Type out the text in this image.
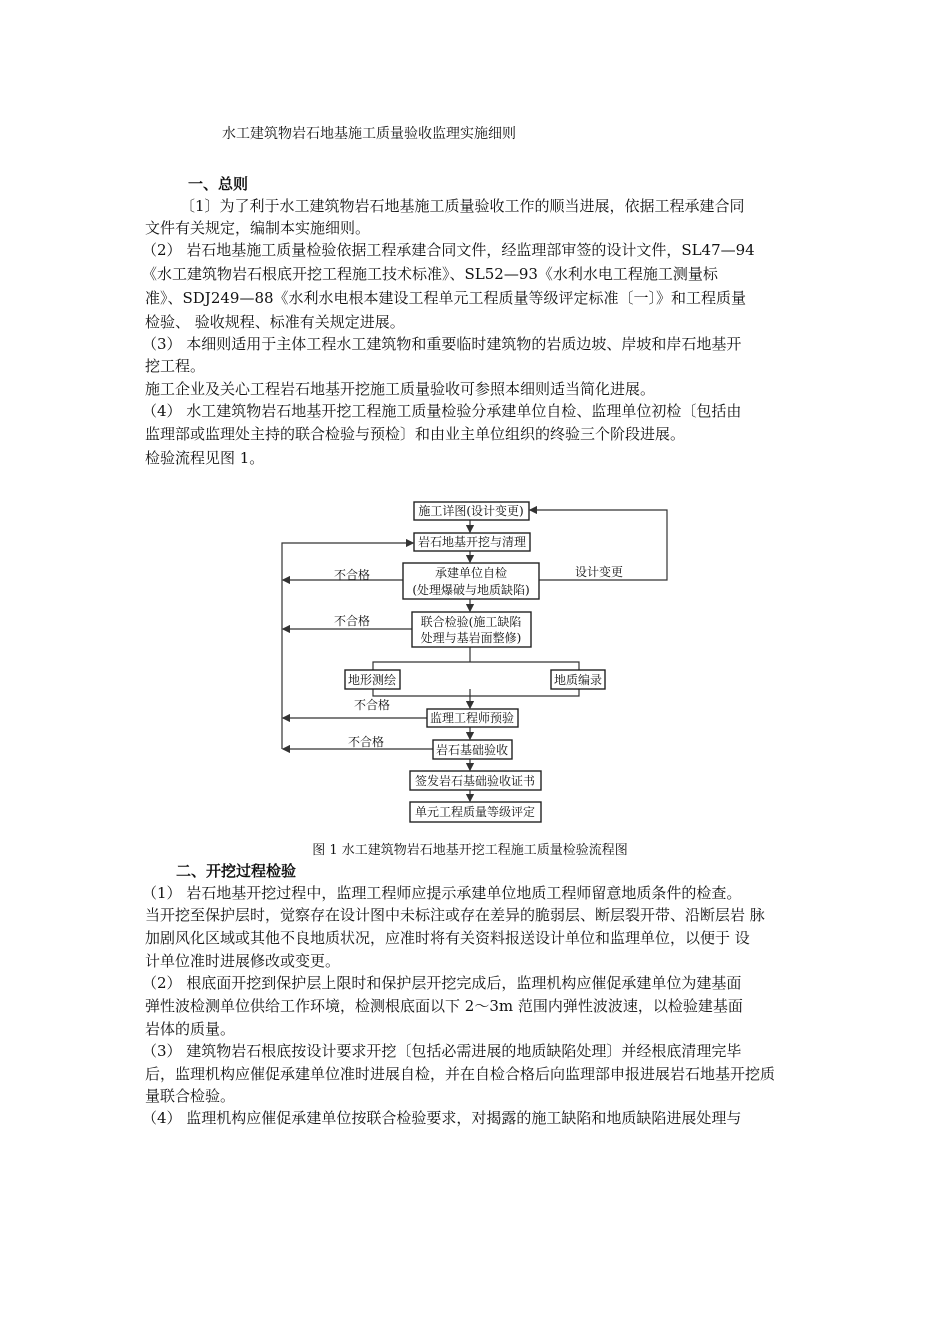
水工建筑物岩石地基施工质量验收监理实施细则
一、总则
〔1〕为了利于水工建筑物岩石地基施工质量验收工作的顺当进展，依据工程承建合同
文件有关规定，编制本实施细则。
（2） 岩石地基施工质量检验依据工程承建合同文件，经监理部审签的设计文件，SL47—94
《水工建筑物岩石根底开挖工程施工技术标准》、SL52—93《水利水电工程施工测量标
准》、SDJ249—88《水利水电根本建设工程单元工程质量等级评定标准〔一〕》和工程质量
检验、 验收规程、标准有关规定进展。
（3） 本细则适用于主体工程水工建筑物和重要临时建筑物的岩质边坡、岸坡和岸石地基开
挖工程。
施工企业及关心工程岩石地基开挖施工质量验收可参照本细则适当简化进展。
（4） 水工建筑物岩石地基开挖工程施工质量检验分承建单位自检、监理单位初检〔包括由
监理部或监理处主持的联合检验与预检〕和由业主单位组织的终验三个阶段进展。
检验流程见图 1。
施工详图(设计变更)
岩石地基开挖与清理
承建单位自检
(处理爆破与地质缺陷)
联合检验(施工缺陷
处理与基岩面整修)
地形测绘	地质编录
监理工程师预验
岩石基础验收
签发岩石基础验收证书
单元工程质量等级评定
不合格
不合格
不合格
不合格
设计变更
图 1 水工建筑物岩石地基开挖工程施工质量检验流程图
二、开挖过程检验
（1） 岩石地基开挖过程中，监理工程师应提示承建单位地质工程师留意地质条件的检查。
当开挖至保护层时，觉察存在设计图中未标注或存在差异的脆弱层、断层裂开带、沿断层岩 脉
加剧风化区域或其他不良地质状况，应准时将有关资料报送设计单位和监理单位，以便于 设
计单位准时进展修改或变更。
（2） 根底面开挖到保护层上限时和保护层开挖完成后，监理机构应催促承建单位为建基面
弹性波检测单位供给工作环境，检测根底面以下 2～3m 范围内弹性波波速，以检验建基面
岩体的质量。
（3） 建筑物岩石根底按设计要求开挖〔包括必需进展的地质缺陷处理〕并经根底清理完毕
后，监理机构应催促承建单位准时进展自检，并在自检合格后向监理部申报进展岩石地基开挖质
量联合检验。
（4） 监理机构应催促承建单位按联合检验要求，对揭露的施工缺陷和地质缺陷进展处理与
